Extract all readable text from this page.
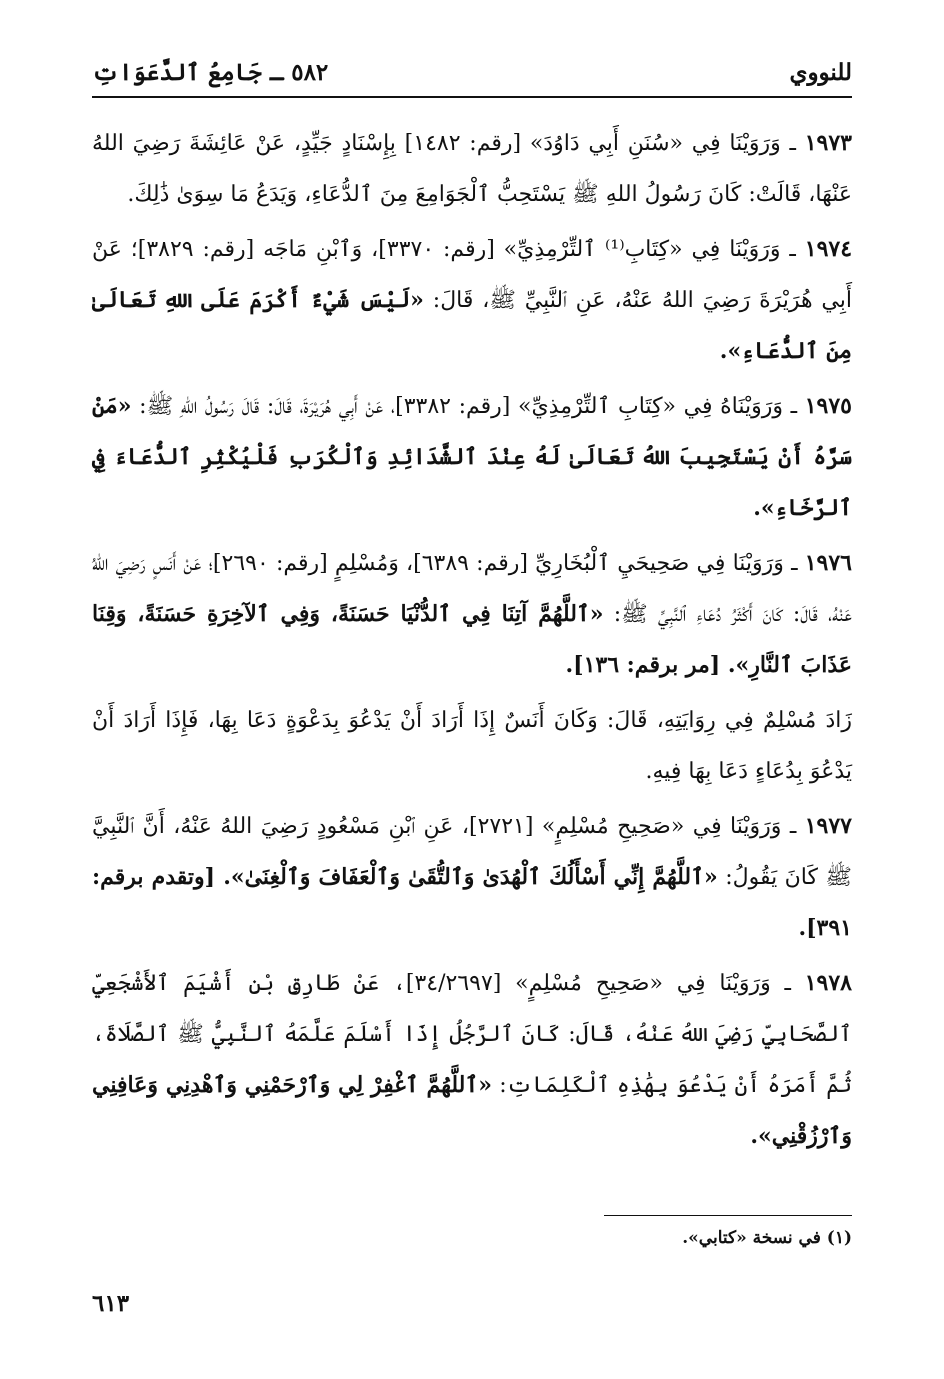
للنووي
٥٨٢ ـ جَامِعُ ٱلدَّعَوَاتِ

١٩٧٣ ـ وَرَوَيْنَا فِي «سُنَنِ أَبِي دَاوُدَ» [رقم: ١٤٨٢] بِإِسْنَادٍ جَيِّدٍ، عَنْ عَائِشَةَ رَضِيَ اللهُ عَنْهَا، قَالَتْ: كَانَ رَسُولُ اللهِ ﷺ يَسْتَحِبُّ ٱلْجَوَامِعَ مِنَ ٱلدُّعَاءِ، وَيَدَعُ مَا سِوَىٰ ذَٰلِكَ.

١٩٧٤ ـ وَرَوَيْنَا فِي «كِتَابِ⁽¹⁾ ٱلتِّرْمِذِيِّ» [رقم: ٣٣٧٠]، وَٱبْنِ مَاجَه [رقم: ٣٨٢٩]؛ عَنْ أَبِي هُرَيْرَةَ رَضِيَ اللهُ عَنْهُ، عَنِ ٱلنَّبِيِّ ﷺ، قَالَ: «لَيْسَ شَيْءٌ أَكْرَمَ عَلَى اللهِ تَعَالَىٰ مِنَ ٱلدُّعَاءِ».

١٩٧٥ ـ وَرَوَيْنَاهُ فِي «كِتَابِ ٱلتِّرْمِذِيِّ» [رقم: ٣٣٨٢]، عَنْ أَبِي هُرَيْرَةَ، قَالَ: قَالَ رَسُولُ اللهِ ﷺ: «مَنْ سَرَّهُ أَنْ يَسْتَجِيبَ اللهُ تَعَالَىٰ لَهُ عِنْدَ ٱلشَّدَائِدِ وَٱلْكُرَبِ فَلْيُكْثِرِ ٱلدُّعَاءَ فِي ٱلرَّخَاءِ».

١٩٧٦ ـ وَرَوَيْنَا فِي صَحِيحَيِ ٱلْبُخَارِيِّ [رقم: ٦٣٨٩]، وَمُسْلِمٍ [رقم: ٢٦٩٠]؛ عَنْ أَنَسٍ رَضِيَ اللهُ عَنْهُ، قَالَ: كَانَ أَكْثَرُ دُعَاءِ ٱلنَّبِيِّ ﷺ: «ٱللَّهُمَّ آتِنَا فِي ٱلدُّنْيَا حَسَنَةً، وَفِي ٱلآخِرَةِ حَسَنَةً، وَقِنَا عَذَابَ ٱلنَّارِ». [مر برقم: ١٣٦].

زَادَ مُسْلِمٌ فِي رِوَايَتِهِ، قَالَ: وَكَانَ أَنَسٌ إِذَا أَرَادَ أَنْ يَدْعُوَ بِدَعْوَةٍ دَعَا بِهَا، فَإِذَا أَرَادَ أَنْ يَدْعُوَ بِدُعَاءٍ دَعَا بِهَا فِيهِ.

١٩٧٧ ـ وَرَوَيْنَا فِي «صَحِيحِ مُسْلِمٍ» [٢٧٢١]، عَنِ ٱبْنِ مَسْعُودٍ رَضِيَ اللهُ عَنْهُ، أَنَّ ٱلنَّبِيَّ ﷺ كَانَ يَقُولُ: «ٱللَّهُمَّ إِنِّي أَسْأَلُكَ ٱلْهُدَىٰ وَٱلتُّقَىٰ وَٱلْعَفَافَ وَٱلْغِنَىٰ». [وتقدم برقم: ٣٩١].

١٩٧٨ ـ وَرَوَيْنَا فِي «صَحِيحِ مُسْلِمٍ» [٣٤/٢٦٩٧]، عَنْ طَارِقِ بْنِ أَشْيَمَ ٱلأَشْجَعِيِّ ٱلصَّحَابِيِّ رَضِيَ اللهُ عَنْهُ، قَالَ: كَانَ ٱلرَّجُلُ إِذَا أَسْلَمَ عَلَّمَهُ ٱلنَّبِيُّ ﷺ ٱلصَّلَاةَ، ثُمَّ أَمَرَهُ أَنْ يَدْعُوَ بِهَٰذِهِ ٱلْكَلِمَاتِ: «ٱللَّهُمَّ ٱغْفِرْ لِي وَٱرْحَمْنِي وَٱهْدِنِي وَعَافِنِي وَٱرْزُقْنِي».

(١) في نسخة «كتابي».
٦١٣
